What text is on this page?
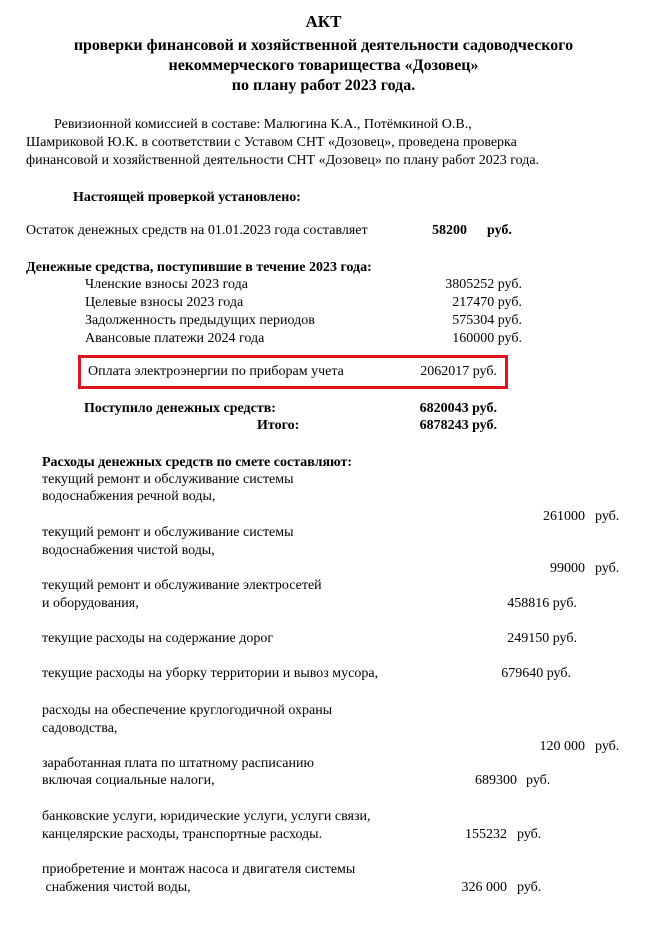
АКТ
проверки финансовой и хозяйственной деятельности садоводческого
некоммерческого товарищества «Дозовец»
по плану работ 2023 года.
Ревизионной комиссией в составе: Малюгина К.А., Потёмкиной О.В.,
Шамриковой Ю.К. в соответствии с Уставом СНТ «Дозовец», проведена проверка
финансовой и хозяйственной деятельности СНТ «Дозовец» по плану работ 2023 года.
Настоящей проверкой установлено:
Остаток денежных средств на 01.01.2023 года составляет	58200 руб.
Денежные средства, поступившие в течение 2023 года:
Членские взносы 2023 года	3805252 руб.
Целевые взносы 2023 года	217470 руб.
Задолженность предыдущих периодов	575304 руб.
Авансовые платежи 2024 года	160000 руб.
Оплата электроэнергии по приборам учета	2062017 руб.
Поступило денежных средств:	6820043 руб.
Итого:	6878243 руб.
Расходы денежных средств по смете составляют:
текущий ремонт и обслуживание системы
водоснабжения речной воды,
261000 руб.
текущий ремонт и обслуживание системы
водоснабжения чистой воды,
99000 руб.
текущий ремонт и обслуживание электросетей
и оборудования,	458816 руб.
текущие расходы на содержание дорог	249150 руб.
текущие расходы на уборку территории и вывоз мусора,	679640 руб.
расходы на обеспечение круглогодичной охраны
садоводства,
120 000 руб.
заработанная плата по штатному расписанию
включая социальные налоги,	689300 руб.
банковские услуги, юридические услуги, услуги связи,
канцелярские расходы, транспортные расходы.	155232 руб.
приобретение и монтаж насоса и двигателя системы
снабжения чистой воды,	326 000 руб.
